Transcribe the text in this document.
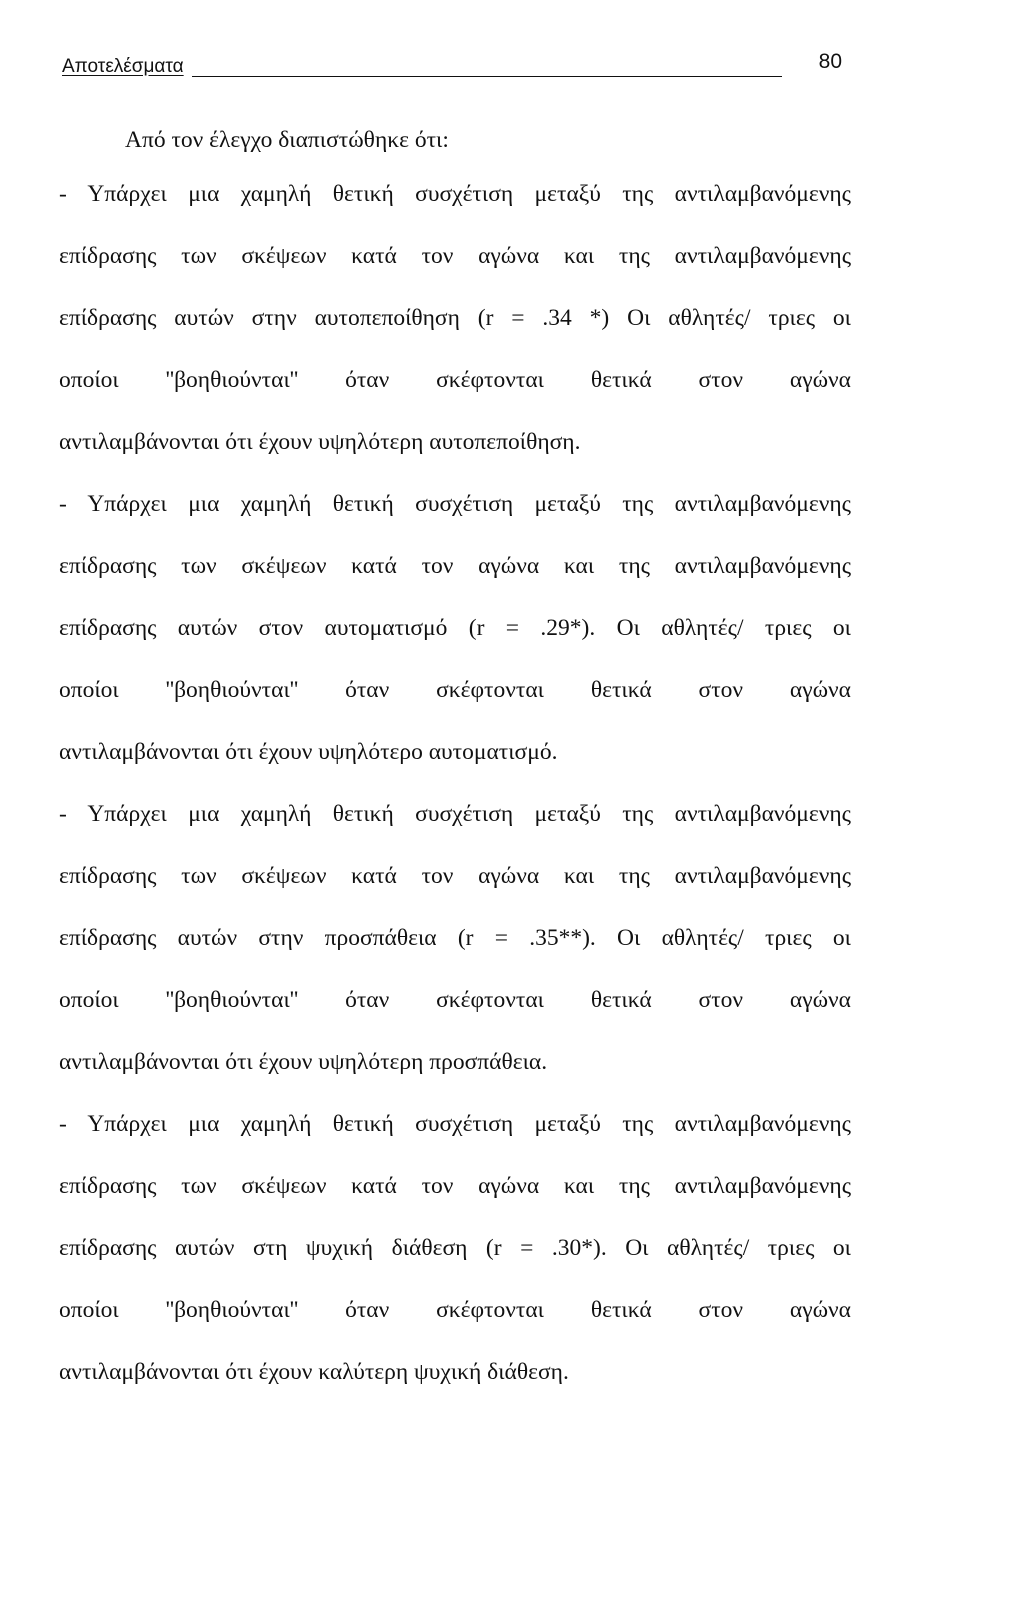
Αποτελέσματα	80

Από τον έλεγχο διαπιστώθηκε ότι:

- Υπάρχει μια χαμηλή θετική συσχέτιση μεταξύ της αντιλαμβανόμενης
επίδρασης των σκέψεων κατά τον αγώνα και της αντιλαμβανόμενης
επίδρασης αυτών στην αυτοπεποίθηση (r = .34 *) Οι αθλητές/ τριες οι
οποίοι ''βοηθιούνται'' όταν σκέφτονται θετικά στον αγώνα
αντιλαμβάνονται ότι έχουν υψηλότερη αυτοπεποίθηση.
- Υπάρχει μια χαμηλή θετική συσχέτιση μεταξύ της αντιλαμβανόμενης
επίδρασης των σκέψεων κατά τον αγώνα και της αντιλαμβανόμενης
επίδρασης αυτών στον αυτοματισμό (r = .29*). Οι αθλητές/ τριες οι
οποίοι ''βοηθιούνται'' όταν σκέφτονται θετικά στον αγώνα
αντιλαμβάνονται ότι έχουν υψηλότερο αυτοματισμό.
- Υπάρχει μια χαμηλή θετική συσχέτιση μεταξύ της αντιλαμβανόμενης
επίδρασης των σκέψεων κατά τον αγώνα και της αντιλαμβανόμενης
επίδρασης αυτών στην προσπάθεια (r = .35**). Οι αθλητές/ τριες οι
οποίοι ''βοηθιούνται'' όταν σκέφτονται θετικά στον αγώνα
αντιλαμβάνονται ότι έχουν υψηλότερη προσπάθεια.
- Υπάρχει μια χαμηλή θετική συσχέτιση μεταξύ της αντιλαμβανόμενης
επίδρασης των σκέψεων κατά τον αγώνα και της αντιλαμβανόμενης
επίδρασης αυτών στη ψυχική διάθεση (r = .30*). Οι αθλητές/ τριες οι
οποίοι ''βοηθιούνται'' όταν σκέφτονται θετικά στον αγώνα
αντιλαμβάνονται ότι έχουν καλύτερη ψυχική διάθεση.
